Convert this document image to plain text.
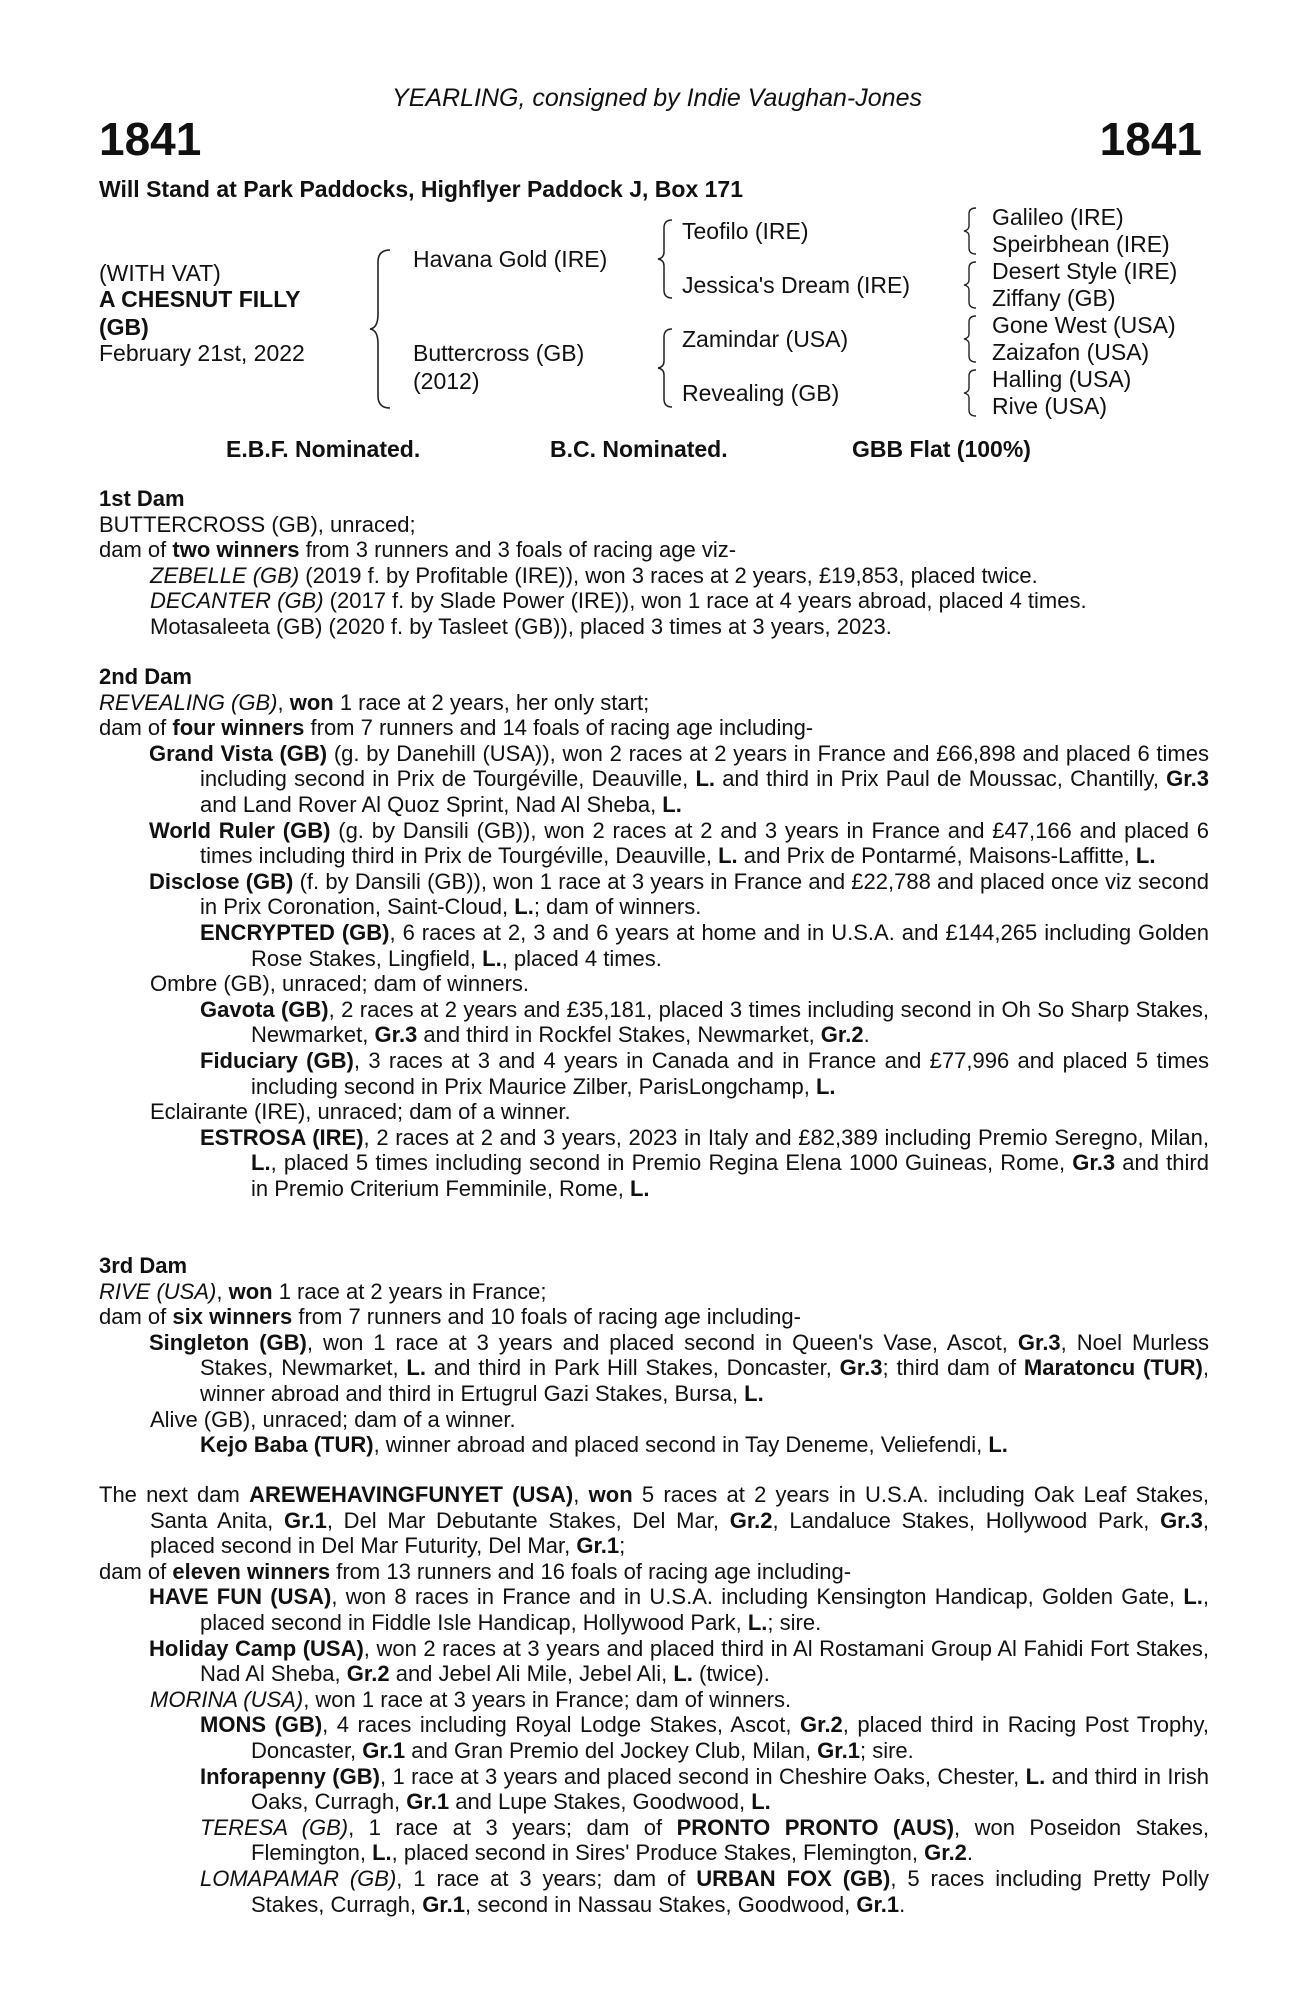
YEARLING, consigned by Indie Vaughan-Jones
1841	1841
Will Stand at Park Paddocks, Highflyer Paddock J, Box 171
(WITH VAT)
A CHESNUT FILLY
(GB)
February 21st, 2022
Havana Gold (IRE)
Buttercross (GB)
(2012)
Teofilo (IRE)
Jessica's Dream (IRE)
Zamindar (USA)
Revealing (GB)
Galileo (IRE)
Speirbhean (IRE)
Desert Style (IRE)
Ziffany (GB)
Gone West (USA)
Zaizafon (USA)
Halling (USA)
Rive (USA)
E.B.F. Nominated.	B.C. Nominated.	GBB Flat (100%)

1st Dam

BUTTERCROSS (GB), unraced;

dam of two winners from 3 runners and 3 foals of racing age viz-

ZEBELLE (GB) (2019 f. by Profitable (IRE)), won 3 races at 2 years, £19,853, placed twice.

DECANTER (GB) (2017 f. by Slade Power (IRE)), won 1 race at 4 years abroad, placed 4 times.

Motasaleeta (GB) (2020 f. by Tasleet (GB)), placed 3 times at 3 years, 2023.

2nd Dam

REVEALING (GB), won 1 race at 2 years, her only start;

dam of four winners from 7 runners and 14 foals of racing age including-

Grand Vista (GB) (g. by Danehill (USA)), won 2 races at 2 years in France and £66,898 and placed 6 times including second in Prix de Tourgéville, Deauville, L. and third in Prix Paul de Moussac, Chantilly, Gr.3 and Land Rover Al Quoz Sprint, Nad Al Sheba, L.

World Ruler (GB) (g. by Dansili (GB)), won 2 races at 2 and 3 years in France and £47,166 and placed 6 times including third in Prix de Tourgéville, Deauville, L. and Prix de Pontarmé, Maisons-Laffitte, L.

Disclose (GB) (f. by Dansili (GB)), won 1 race at 3 years in France and £22,788 and placed once viz second in Prix Coronation, Saint-Cloud, L.; dam of winners.

ENCRYPTED (GB), 6 races at 2, 3 and 6 years at home and in U.S.A. and £144,265 including Golden Rose Stakes, Lingfield, L., placed 4 times.

Ombre (GB), unraced; dam of winners.

Gavota (GB), 2 races at 2 years and £35,181, placed 3 times including second in Oh So Sharp Stakes, Newmarket, Gr.3 and third in Rockfel Stakes, Newmarket, Gr.2.

Fiduciary (GB), 3 races at 3 and 4 years in Canada and in France and £77,996 and placed 5 times including second in Prix Maurice Zilber, ParisLongchamp, L.

Eclairante (IRE), unraced; dam of a winner.

ESTROSA (IRE), 2 races at 2 and 3 years, 2023 in Italy and £82,389 including Premio Seregno, Milan, L., placed 5 times including second in Premio Regina Elena 1000 Guineas, Rome, Gr.3 and third in Premio Criterium Femminile, Rome, L.

3rd Dam

RIVE (USA), won 1 race at 2 years in France;

dam of six winners from 7 runners and 10 foals of racing age including-

Singleton (GB), won 1 race at 3 years and placed second in Queen's Vase, Ascot, Gr.3, Noel Murless Stakes, Newmarket, L. and third in Park Hill Stakes, Doncaster, Gr.3; third dam of Maratoncu (TUR), winner abroad and third in Ertugrul Gazi Stakes, Bursa, L.

Alive (GB), unraced; dam of a winner.

Kejo Baba (TUR), winner abroad and placed second in Tay Deneme, Veliefendi, L.

The next dam AREWEHAVINGFUNYET (USA), won 5 races at 2 years in U.S.A. including Oak Leaf Stakes, Santa Anita, Gr.1, Del Mar Debutante Stakes, Del Mar, Gr.2, Landaluce Stakes, Hollywood Park, Gr.3, placed second in Del Mar Futurity, Del Mar, Gr.1;

dam of eleven winners from 13 runners and 16 foals of racing age including-

HAVE FUN (USA), won 8 races in France and in U.S.A. including Kensington Handicap, Golden Gate, L., placed second in Fiddle Isle Handicap, Hollywood Park, L.; sire.

Holiday Camp (USA), won 2 races at 3 years and placed third in Al Rostamani Group Al Fahidi Fort Stakes, Nad Al Sheba, Gr.2 and Jebel Ali Mile, Jebel Ali, L. (twice).

MORINA (USA), won 1 race at 3 years in France; dam of winners.

MONS (GB), 4 races including Royal Lodge Stakes, Ascot, Gr.2, placed third in Racing Post Trophy, Doncaster, Gr.1 and Gran Premio del Jockey Club, Milan, Gr.1; sire.

Inforapenny (GB), 1 race at 3 years and placed second in Cheshire Oaks, Chester, L. and third in Irish Oaks, Curragh, Gr.1 and Lupe Stakes, Goodwood, L.

TERESA (GB), 1 race at 3 years; dam of PRONTO PRONTO (AUS), won Poseidon Stakes, Flemington, L., placed second in Sires' Produce Stakes, Flemington, Gr.2.

LOMAPAMAR (GB), 1 race at 3 years; dam of URBAN FOX (GB), 5 races including Pretty Polly Stakes, Curragh, Gr.1, second in Nassau Stakes, Goodwood, Gr.1.
